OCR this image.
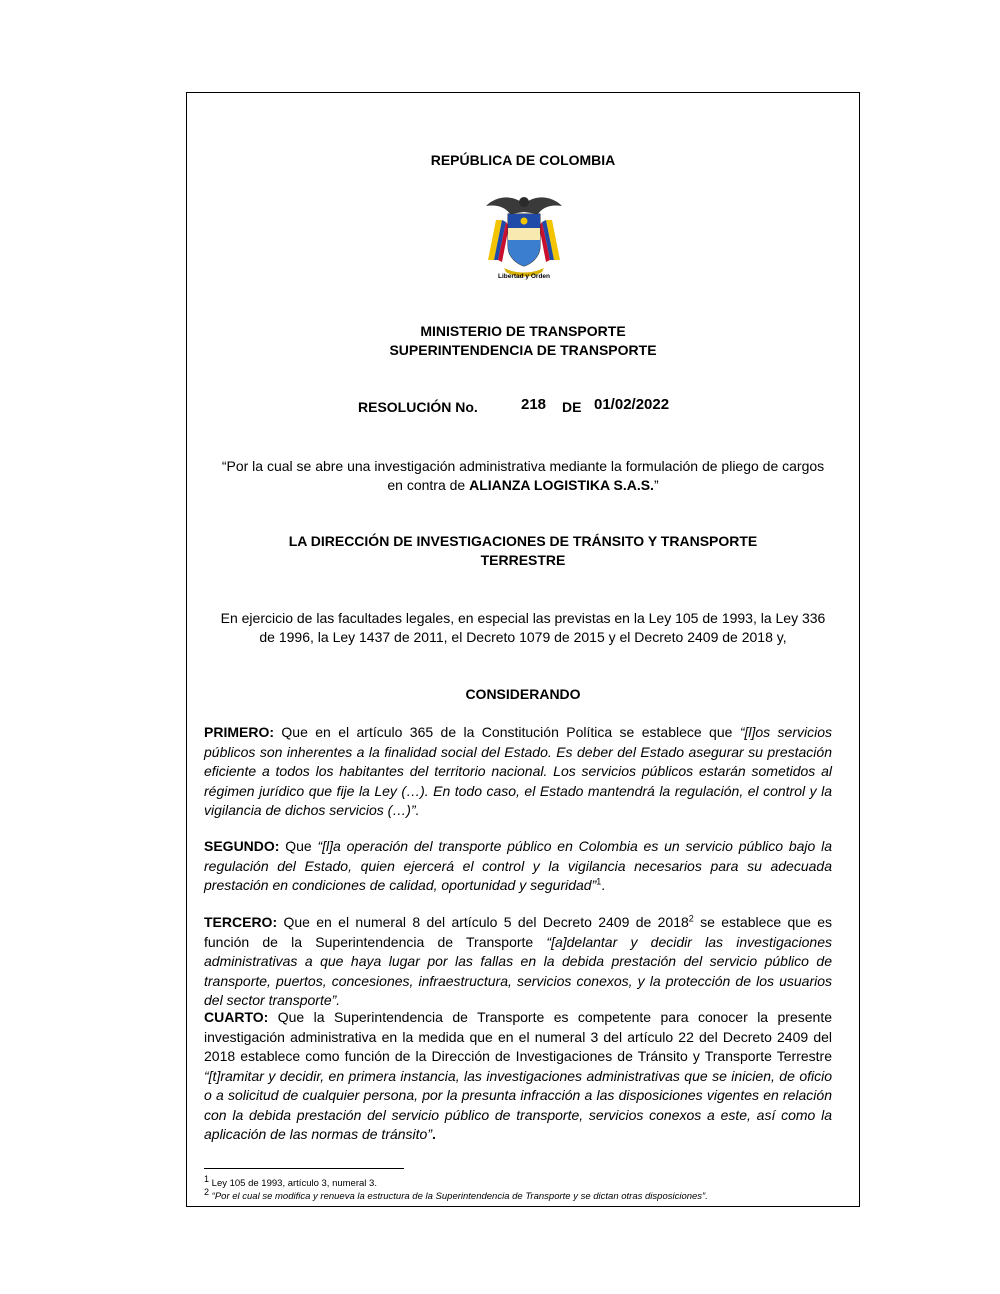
REPÚBLICA DE COLOMBIA
Libertad y Orden
MINISTERIO DE TRANSPORTE
SUPERINTENDENCIA DE TRANSPORTE
RESOLUCIÓN No.	218 DE 01/02/2022
“Por la cual se abre una investigación administrativa mediante la formulación de pliego de cargos en contra de ALIANZA LOGISTIKA S.A.S.”
LA DIRECCIÓN DE INVESTIGACIONES DE TRÁNSITO Y TRANSPORTE
TERRESTRE
En ejercicio de las facultades legales, en especial las previstas en la Ley 105 de 1993, la Ley 336 de 1996, la Ley 1437 de 2011, el Decreto 1079 de 2015 y el Decreto 2409 de 2018 y,
CONSIDERANDO
PRIMERO: Que en el artículo 365 de la Constitución Política se establece que “[l]os servicios públicos son inherentes a la finalidad social del Estado. Es deber del Estado asegurar su prestación eficiente a todos los habitantes del territorio nacional. Los servicios públicos estarán sometidos al régimen jurídico que fije la Ley (…). En todo caso, el Estado mantendrá la regulación, el control y la vigilancia de dichos servicios (…)”.
SEGUNDO: Que “[l]a operación del transporte público en Colombia es un servicio público bajo la regulación del Estado, quien ejercerá el control y la vigilancia necesarios para su adecuada prestación en condiciones de calidad, oportunidad y seguridad”$^1$.
TERCERO: Que en el numeral 8 del artículo 5 del Decreto 2409 de 2018$^2$ se establece que es función de la Superintendencia de Transporte “[a]delantar y decidir las investigaciones administrativas a que haya lugar por las fallas en la debida prestación del servicio público de transporte, puertos, concesiones, infraestructura, servicios conexos, y la protección de los usuarios del sector transporte”.
CUARTO: Que la Superintendencia de Transporte es competente para conocer la presente investigación administrativa en la medida que en el numeral 3 del artículo 22 del Decreto 2409 del 2018 establece como función de la Dirección de Investigaciones de Tránsito y Transporte Terrestre “[t]ramitar y decidir, en primera instancia, las investigaciones administrativas que se inicien, de oficio o a solicitud de cualquier persona, por la presunta infracción a las disposiciones vigentes en relación con la debida prestación del servicio público de transporte, servicios conexos a este, así como la aplicación de las normas de tránsito”.
$^1$ Ley 105 de 1993, artículo 3, numeral 3.
$^2$ “Por el cual se modifica y renueva la estructura de la Superintendencia de Transporte y se dictan otras disposiciones”.
